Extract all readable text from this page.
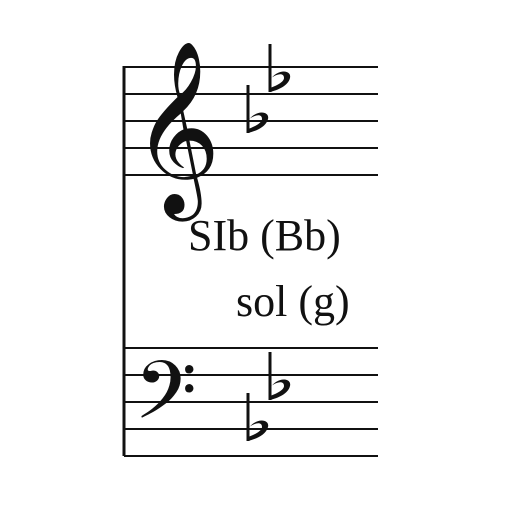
𝄞
𝄢
SIb (Bb)
sol (g)
